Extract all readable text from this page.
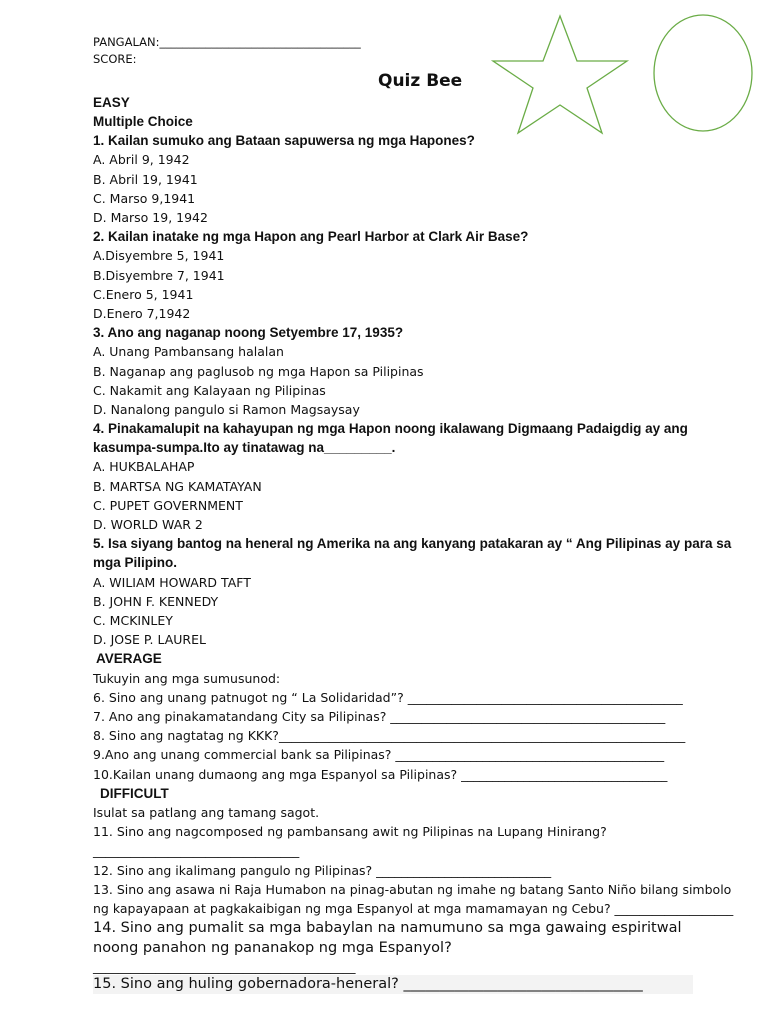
PANGALAN:___________________________________
SCORE:
Quiz Bee
EASY
Multiple Choice
1. Kailan sumuko ang Bataan sapuwersa ng mga Hapones?
A. Abril 9, 1942
B. Abril 19, 1941
C. Marso 9,1941
D. Marso 19, 1942
2. Kailan inatake ng mga Hapon ang Pearl Harbor at Clark Air Base?
A.Disyembre 5, 1941
B.Disyembre 7, 1941
C.Enero 5, 1941
D.Enero 7,1942
3. Ano ang naganap noong Setyembre 17, 1935?
A. Unang Pambansang halalan
B. Naganap ang paglusob ng mga Hapon sa Pilipinas
C. Nakamit ang Kalayaan ng Pilipinas
D. Nanalong pangulo si Ramon Magsaysay
4. Pinakamalupit na kahayupan ng mga Hapon noong ikalawang Digmaang Padaigdig ay ang
kasumpa-sumpa.Ito ay tinatawag na_________.
A. HUKBALAHAP
B. MARTSA NG KAMATAYAN
C. PUPET GOVERNMENT
D. WORLD WAR 2
5. Isa siyang bantog na heneral ng Amerika na ang kanyang patakaran ay “ Ang Pilipinas ay para sa
mga Pilipino.
A. WILIAM HOWARD TAFT
B. JOHN F. KENNEDY
C. MCKINLEY
D. JOSE P. LAUREL
AVERAGE
Tukuyin ang mga sumusunod:
6. Sino ang unang patnugot ng “ La Solidaridad”? ____________________________________________
7. Ano ang pinakamatandang City sa Pilipinas? ____________________________________________
8. Sino ang nagtatag ng KKK?_________________________________________________________________
9.Ano ang unang commercial bank sa Pilipinas? ___________________________________________
10.Kailan unang dumaong ang mga Espanyol sa Pilipinas? _________________________________
DIFFICULT
Isulat sa patlang ang tamang sagot.
11. Sino ang nagcomposed ng pambansang awit ng Pilipinas na Lupang Hinirang?
_________________________________
12. Sino ang ikalimang pangulo ng Pilipinas? ____________________________
13. Sino ang asawa ni Raja Humabon na pinag-abutan ng imahe ng batang Santo Niño bilang simbolo
ng kapayapaan at pagkakaibigan ng mga Espanyol at mga mamamayan ng Cebu? ___________________
14. Sino ang pumalit sa mga babaylan na namumuno sa mga gawaing espiritwal
noong panahon ng pananakop ng mga Espanyol?
__________________________________________
15. Sino ang huling gobernadora-heneral? _________________________________
